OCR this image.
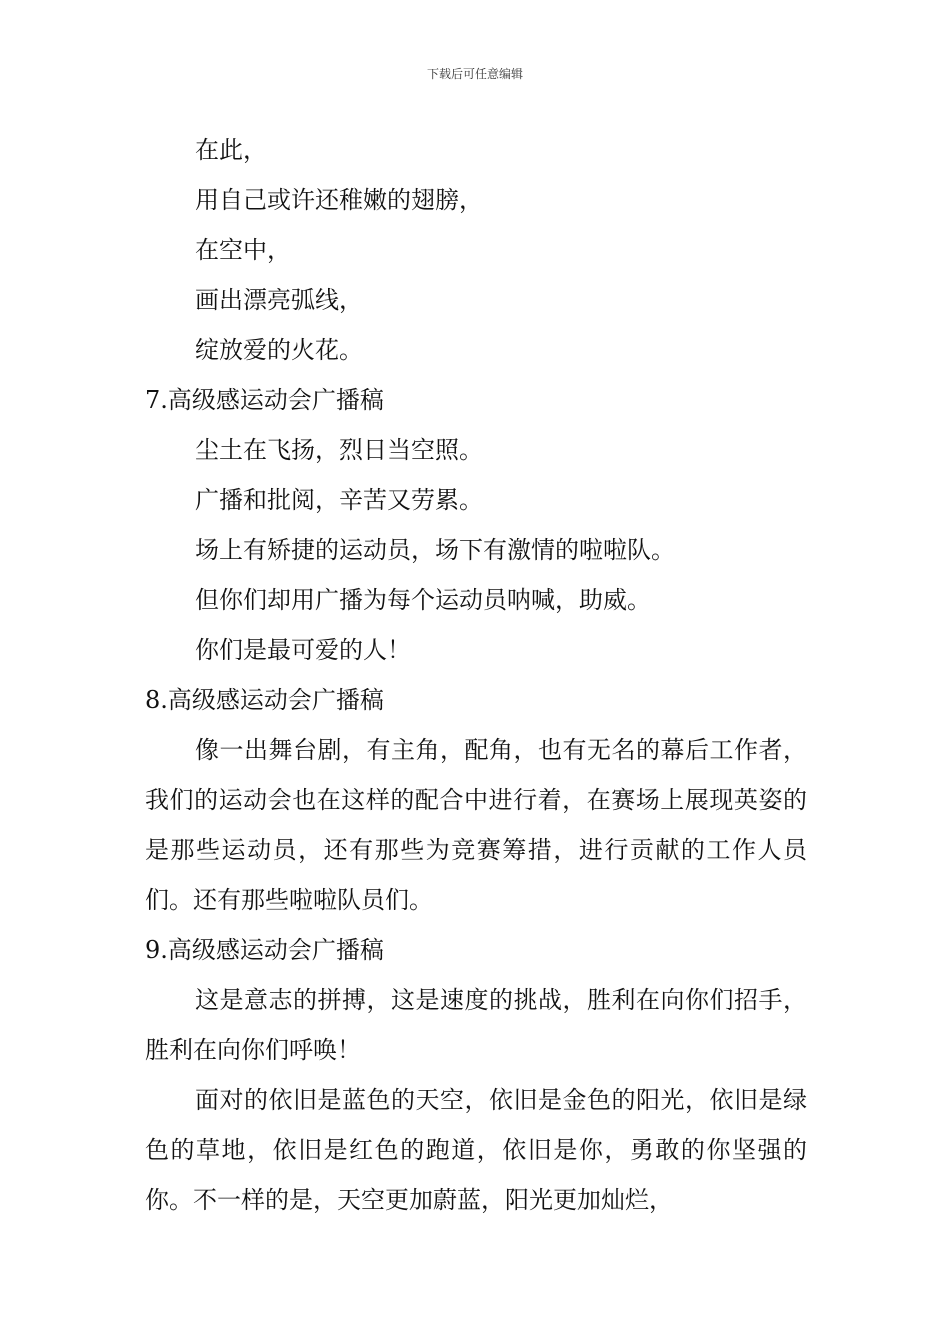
下载后可任意编辑
在此，
用自己或许还稚嫩的翅膀，
在空中，
画出漂亮弧线，
绽放爱的火花。
7.高级感运动会广播稿
尘土在飞扬，烈日当空照。
广播和批阅，辛苦又劳累。
场上有矫捷的运动员，场下有激情的啦啦队。
但你们却用广播为每个运动员呐喊，助威。
你们是最可爱的人！
8.高级感运动会广播稿

像一出舞台剧，有主角，配角，也有无名的幕后工作者，我们的运动会也在这样的配合中进行着，在赛场上展现英姿的是那些运动员，还有那些为竞赛筹措，进行贡献的工作人员们。还有那些啦啦队员们。

9.高级感运动会广播稿

这是意志的拼搏，这是速度的挑战，胜利在向你们招手，胜利在向你们呼唤！

面对的依旧是蓝色的天空，依旧是金色的阳光，依旧是绿色的草地，依旧是红色的跑道，依旧是你，勇敢的你坚强的你。不一样的是，天空更加蔚蓝，阳光更加灿烂，
